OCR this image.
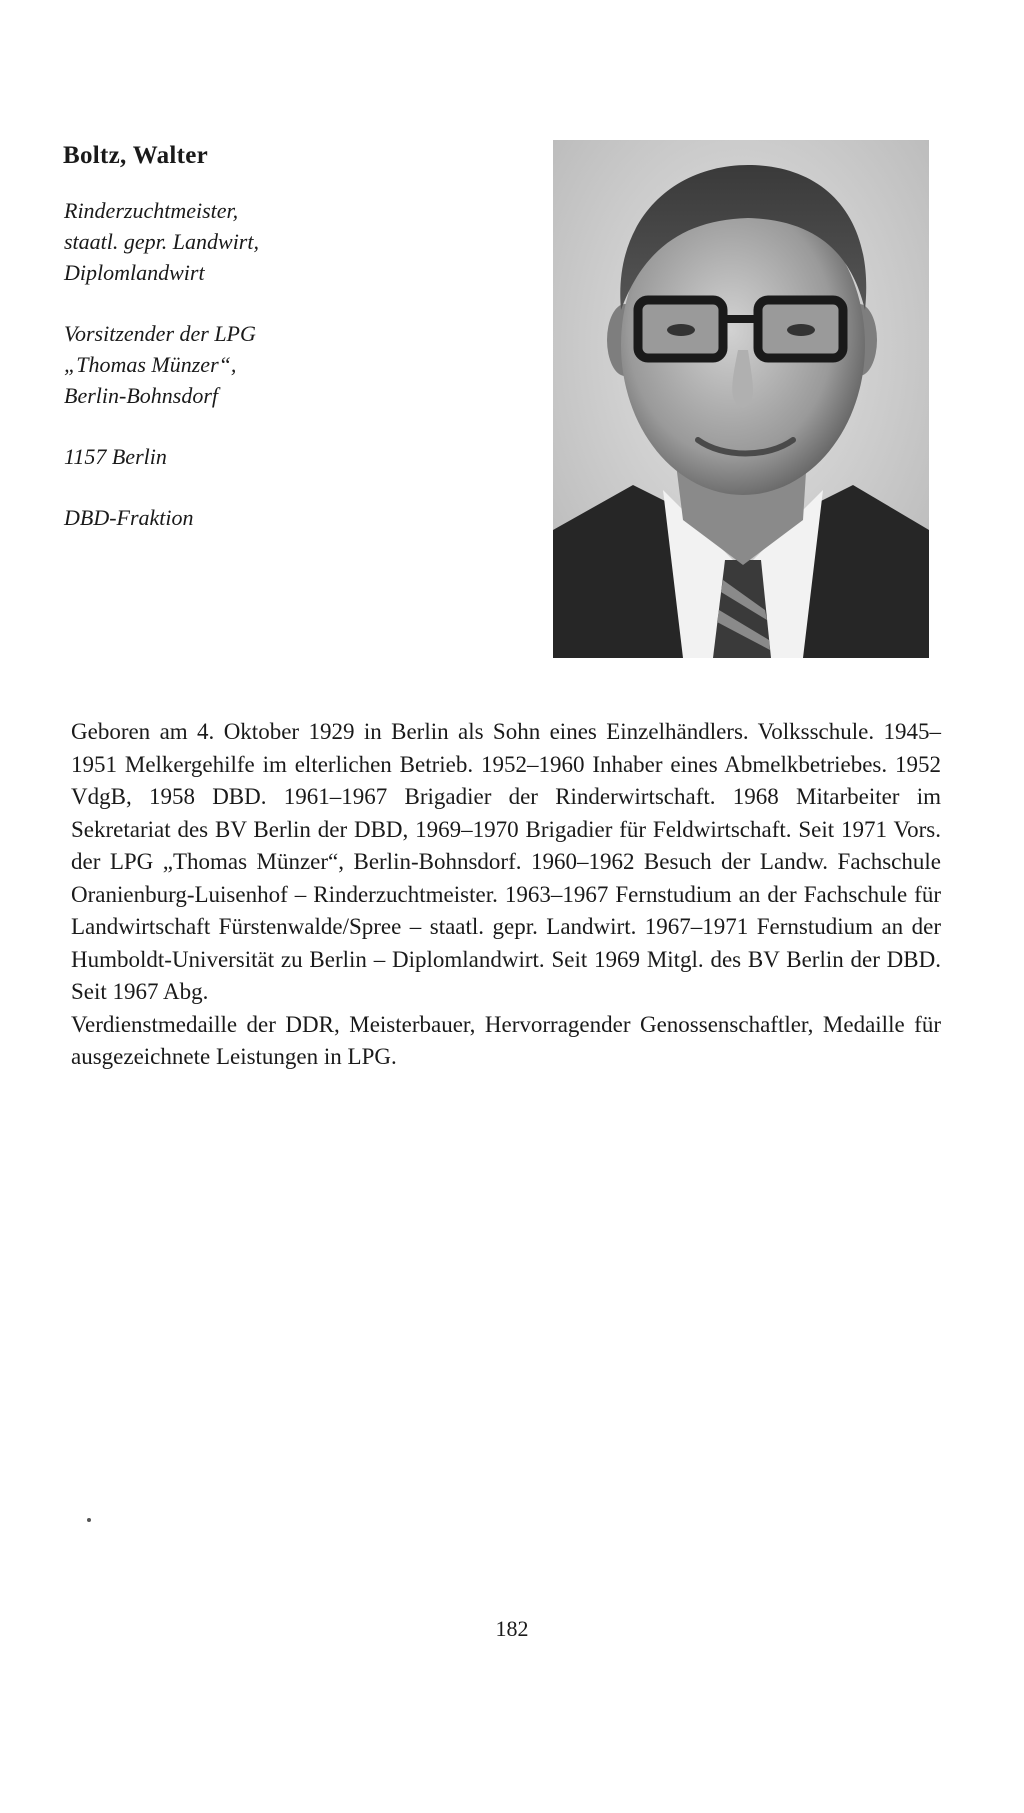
Boltz, Walter
Rinderzuchtmeister,
staatl. gepr. Landwirt,
Diplomlandwirt
Vorsitzender der LPG
„Thomas Münzer“,
Berlin-Bohnsdorf
1157 Berlin
DBD-Fraktion

Geboren am 4. Oktober 1929 in Berlin als Sohn eines Einzelhändlers. Volksschule. 1945–1951 Melkergehilfe im elterlichen Betrieb. 1952–1960 Inhaber eines Abmelkbetriebes. 1952 VdgB, 1958 DBD. 1961–1967 Brigadier der Rinderwirtschaft. 1968 Mitarbeiter im Sekretariat des BV Berlin der DBD, 1969–1970 Brigadier für Feldwirtschaft. Seit 1971 Vors. der LPG „Thomas Münzer“, Berlin-Bohnsdorf. 1960–1962 Besuch der Landw. Fachschule Oranienburg-Luisenhof – Rinderzuchtmeister. 1963–1967 Fernstudium an der Fachschule für Landwirtschaft Fürstenwalde/Spree – staatl. gepr. Landwirt. 1967–1971 Fernstudium an der Humboldt-Universität zu Berlin – Diplomlandwirt. Seit 1969 Mitgl. des BV Berlin der DBD. Seit 1967 Abg.

Verdienstmedaille der DDR, Meisterbauer, Hervorragender Genossenschaftler, Medaille für ausgezeichnete Leistungen in LPG.

182
